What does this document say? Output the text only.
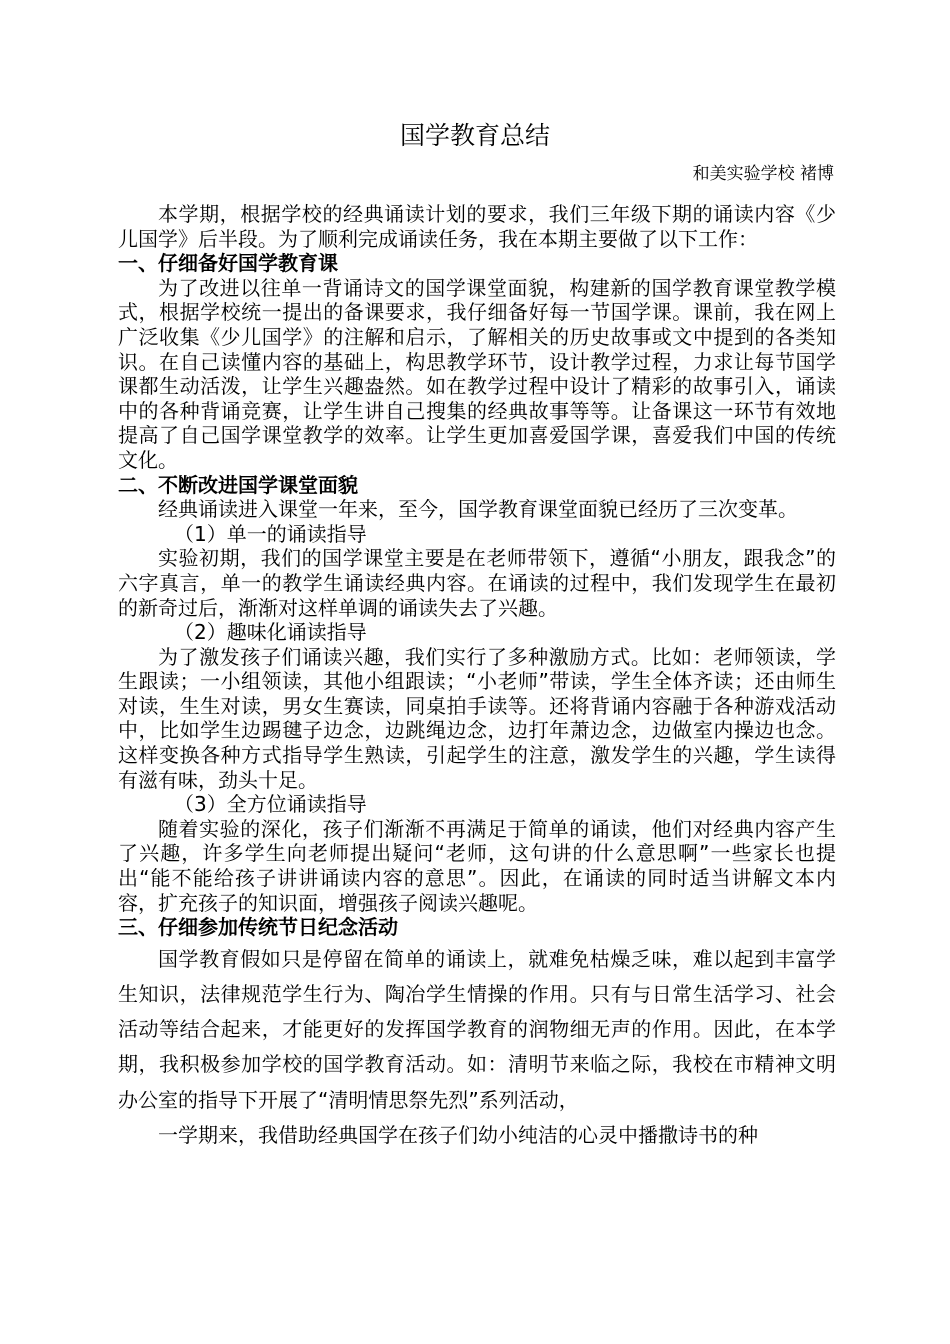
国学教育总结
和美实验学校 褚博

本学期，根据学校的经典诵读计划的要求，我们三年级下期的诵读内容《少儿国学》后半段。为了顺利完成诵读任务，我在本期主要做了以下工作：

一、仔细备好国学教育课

为了改进以往单一背诵诗文的国学课堂面貌，构建新的国学教育课堂教学模式，根据学校统一提出的备课要求，我仔细备好每一节国学课。课前，我在网上广泛收集《少儿国学》的注解和启示，了解相关的历史故事或文中提到的各类知识。在自己读懂内容的基础上，构思教学环节，设计教学过程，力求让每节国学课都生动活泼，让学生兴趣盎然。如在教学过程中设计了精彩的故事引入，诵读中的各种背诵竞赛，让学生讲自己搜集的经典故事等等。让备课这一环节有效地提高了自己国学课堂教学的效率。让学生更加喜爱国学课，喜爱我们中国的传统文化。

二、不断改进国学课堂面貌

经典诵读进入课堂一年来，至今，国学教育课堂面貌已经历了三次变革。

（1）单一的诵读指导

实验初期，我们的国学课堂主要是在老师带领下，遵循“小朋友，跟我念”的六字真言，单一的教学生诵读经典内容。在诵读的过程中，我们发现学生在最初的新奇过后，渐渐对这样单调的诵读失去了兴趣。

（2）趣味化诵读指导

为了激发孩子们诵读兴趣，我们实行了多种激励方式。比如：老师领读，学生跟读；一小组领读，其他小组跟读；“小老师”带读，学生全体齐读；还由师生对读，生生对读，男女生赛读，同桌拍手读等。还将背诵内容融于各种游戏活动中，比如学生边踢毽子边念，边跳绳边念，边打年萧边念，边做室内操边也念。这样变换各种方式指导学生熟读，引起学生的注意，激发学生的兴趣，学生读得有滋有味，劲头十足。

（3）全方位诵读指导

随着实验的深化，孩子们渐渐不再满足于简单的诵读，他们对经典内容产生了兴趣，许多学生向老师提出疑问“老师，这句讲的什么意思啊”一些家长也提出“能不能给孩子讲讲诵读内容的意思”。因此，在诵读的同时适当讲解文本内容，扩充孩子的知识面，增强孩子阅读兴趣呢。

三、仔细参加传统节日纪念活动

国学教育假如只是停留在简单的诵读上，就难免枯燥乏味，难以起到丰富学生知识，法律规范学生行为、陶冶学生情操的作用。只有与日常生活学习、社会活动等结合起来，才能更好的发挥国学教育的润物细无声的作用。因此，在本学期，我积极参加学校的国学教育活动。如：清明节来临之际，我校在市精神文明办公室的指导下开展了“清明情思祭先烈”系列活动，

一学期来，我借助经典国学在孩子们幼小纯洁的心灵中播撒诗书的种
